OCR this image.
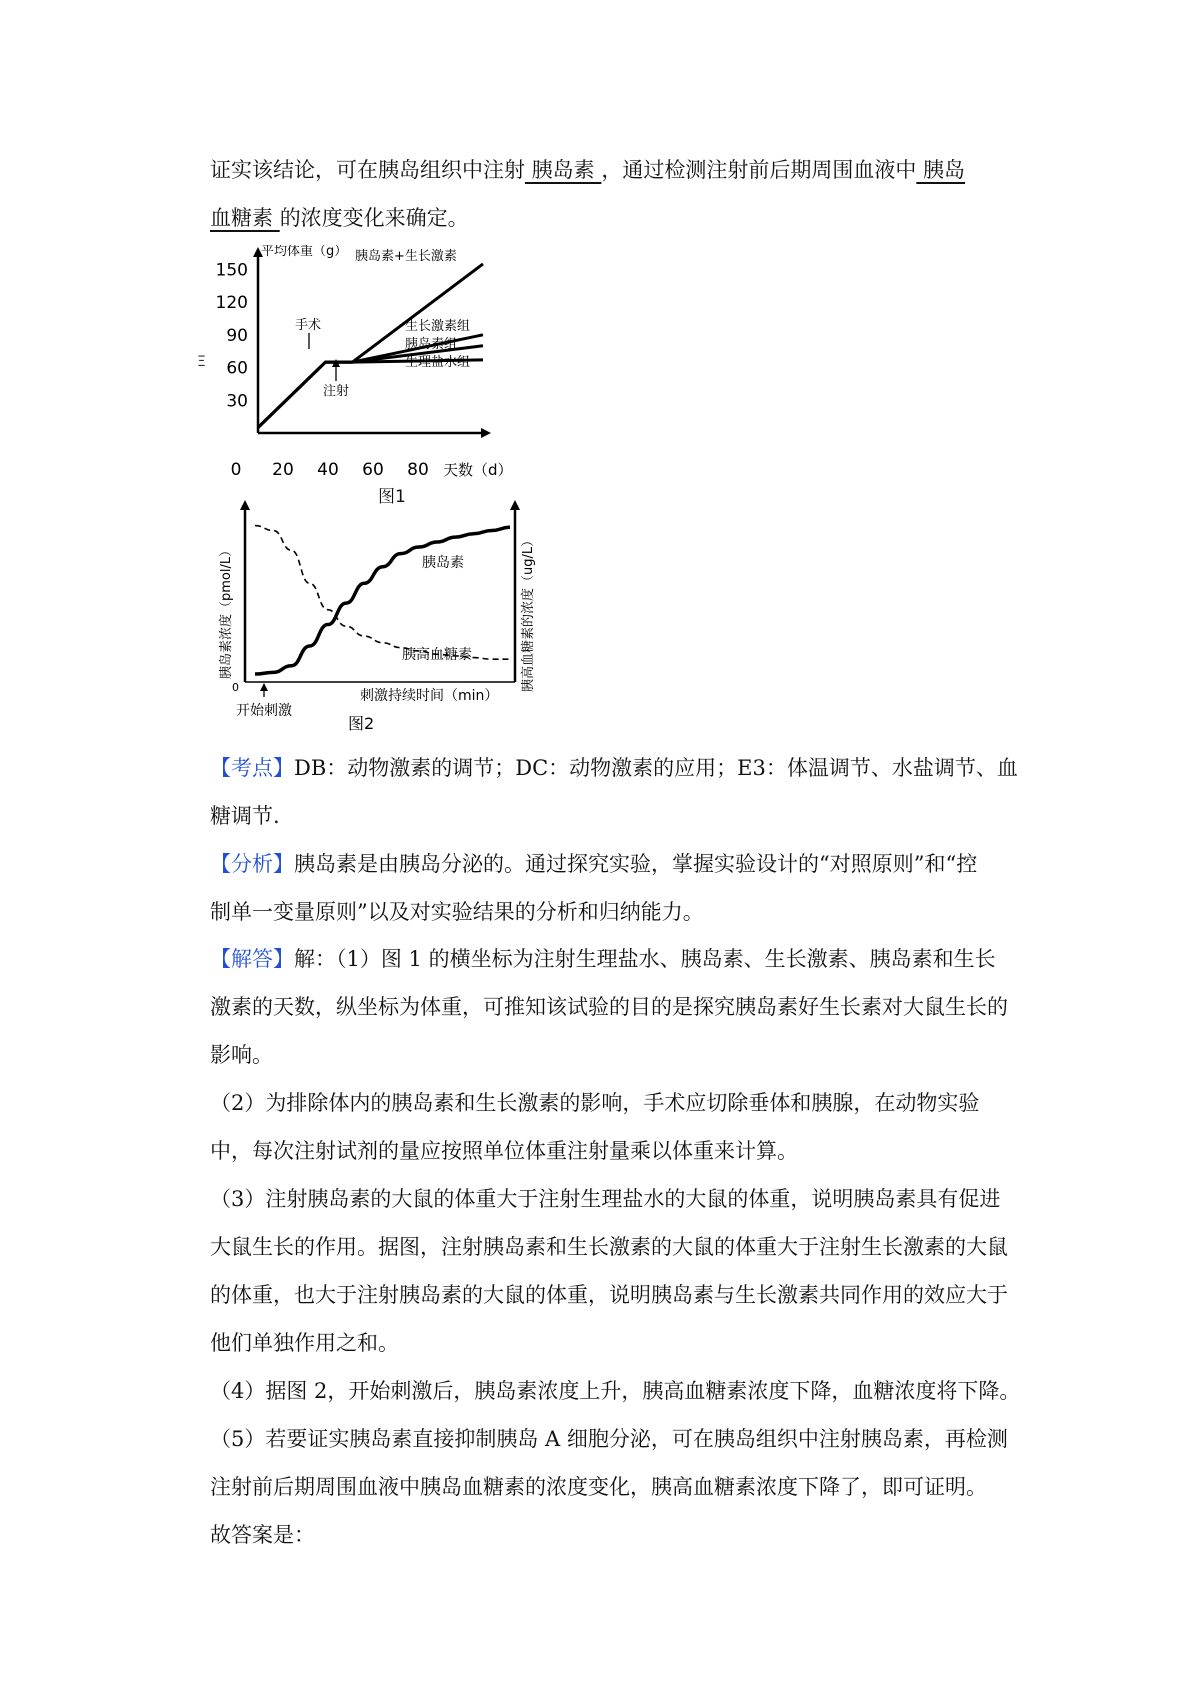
证实该结论，可在胰岛组织中注射 胰岛素 ，通过检测注射前后期周围血液中 胰岛
血糖素 的浓度变化来确定。
Ξ
平均体重（g）
30
60
90
120
150
0 20 40 60 80 天数（d）
手术
注射
胰岛素+生长激素
生长激素组
胰岛素组
生理盐水组
图1
胰岛素浓度（pmol/L）	胰高血糖素的浓度（ug/L）
0
胰岛素
胰高血糖素
开始刺激
刺激持续时间（min）
图2
【考点】DB：动物激素的调节；DC：动物激素的应用；E3：体温调节、水盐调节、血
糖调节.
【分析】胰岛素是由胰岛分泌的。通过探究实验，掌握实验设计的“对照原则”和“控
制单一变量原则”以及对实验结果的分析和归纳能力。
【解答】解：（1）图 1 的横坐标为注射生理盐水、胰岛素、生长激素、胰岛素和生长
激素的天数，纵坐标为体重，可推知该试验的目的是探究胰岛素好生长素对大鼠生长的
影响。
（2）为排除体内的胰岛素和生长激素的影响，手术应切除垂体和胰腺，在动物实验
中，每次注射试剂的量应按照单位体重注射量乘以体重来计算。
（3）注射胰岛素的大鼠的体重大于注射生理盐水的大鼠的体重，说明胰岛素具有促进
大鼠生长的作用。据图，注射胰岛素和生长激素的大鼠的体重大于注射生长激素的大鼠
的体重，也大于注射胰岛素的大鼠的体重，说明胰岛素与生长激素共同作用的效应大于
他们单独作用之和。
（4）据图 2，开始刺激后，胰岛素浓度上升，胰高血糖素浓度下降，血糖浓度将下降。
（5）若要证实胰岛素直接抑制胰岛 A 细胞分泌，可在胰岛组织中注射胰岛素，再检测
注射前后期周围血液中胰岛血糖素的浓度变化，胰高血糖素浓度下降了，即可证明。
故答案是：
